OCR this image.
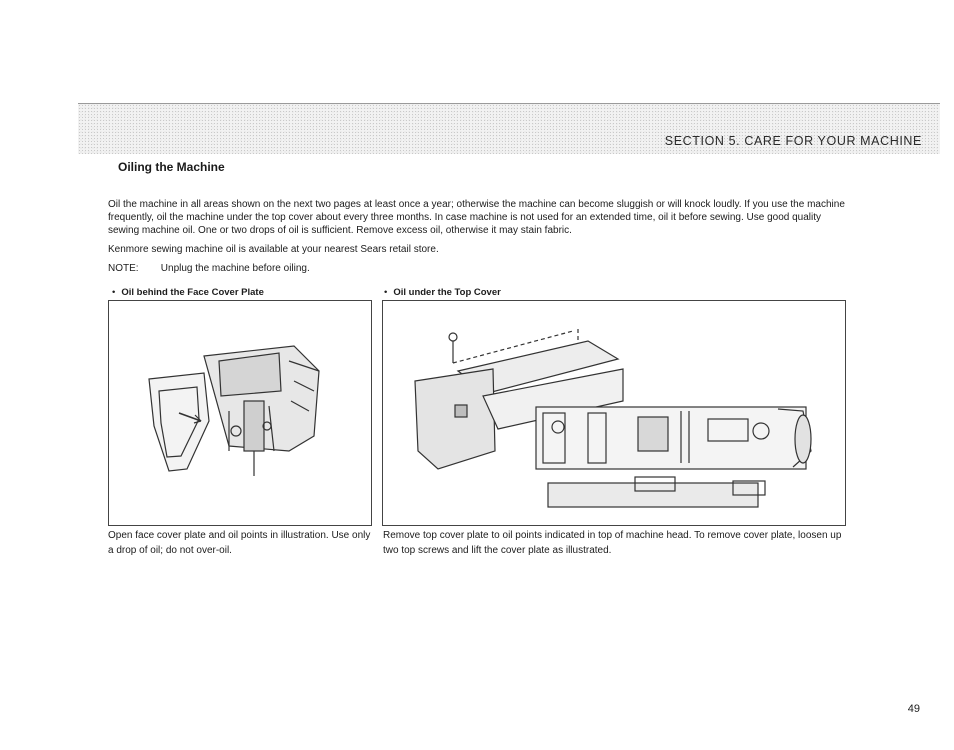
SECTION 5. CARE FOR YOUR MACHINE
Oiling the Machine

Oil the machine in all areas shown on the next two pages at least once a year; otherwise the machine can become sluggish or will knock loudly. If you use the machine frequently, oil the machine under the top cover about every three months. In case machine is not used for an extended time, oil it before sewing. Use good quality sewing machine oil. One or two drops of oil is sufficient. Remove excess oil, otherwise it may stain fabric.

Kenmore sewing machine oil is available at your nearest Sears retail store.

NOTE: Unplug the machine before oiling.
• Oil behind the Face Cover Plate

Open face cover plate and oil points in illustration. Use only a drop of oil; do not over-oil.

• Oil under the Top Cover

Remove top cover plate to oil points indicated in top of machine head. To remove cover plate, loosen up two top screws and lift the cover plate as illustrated.

49
